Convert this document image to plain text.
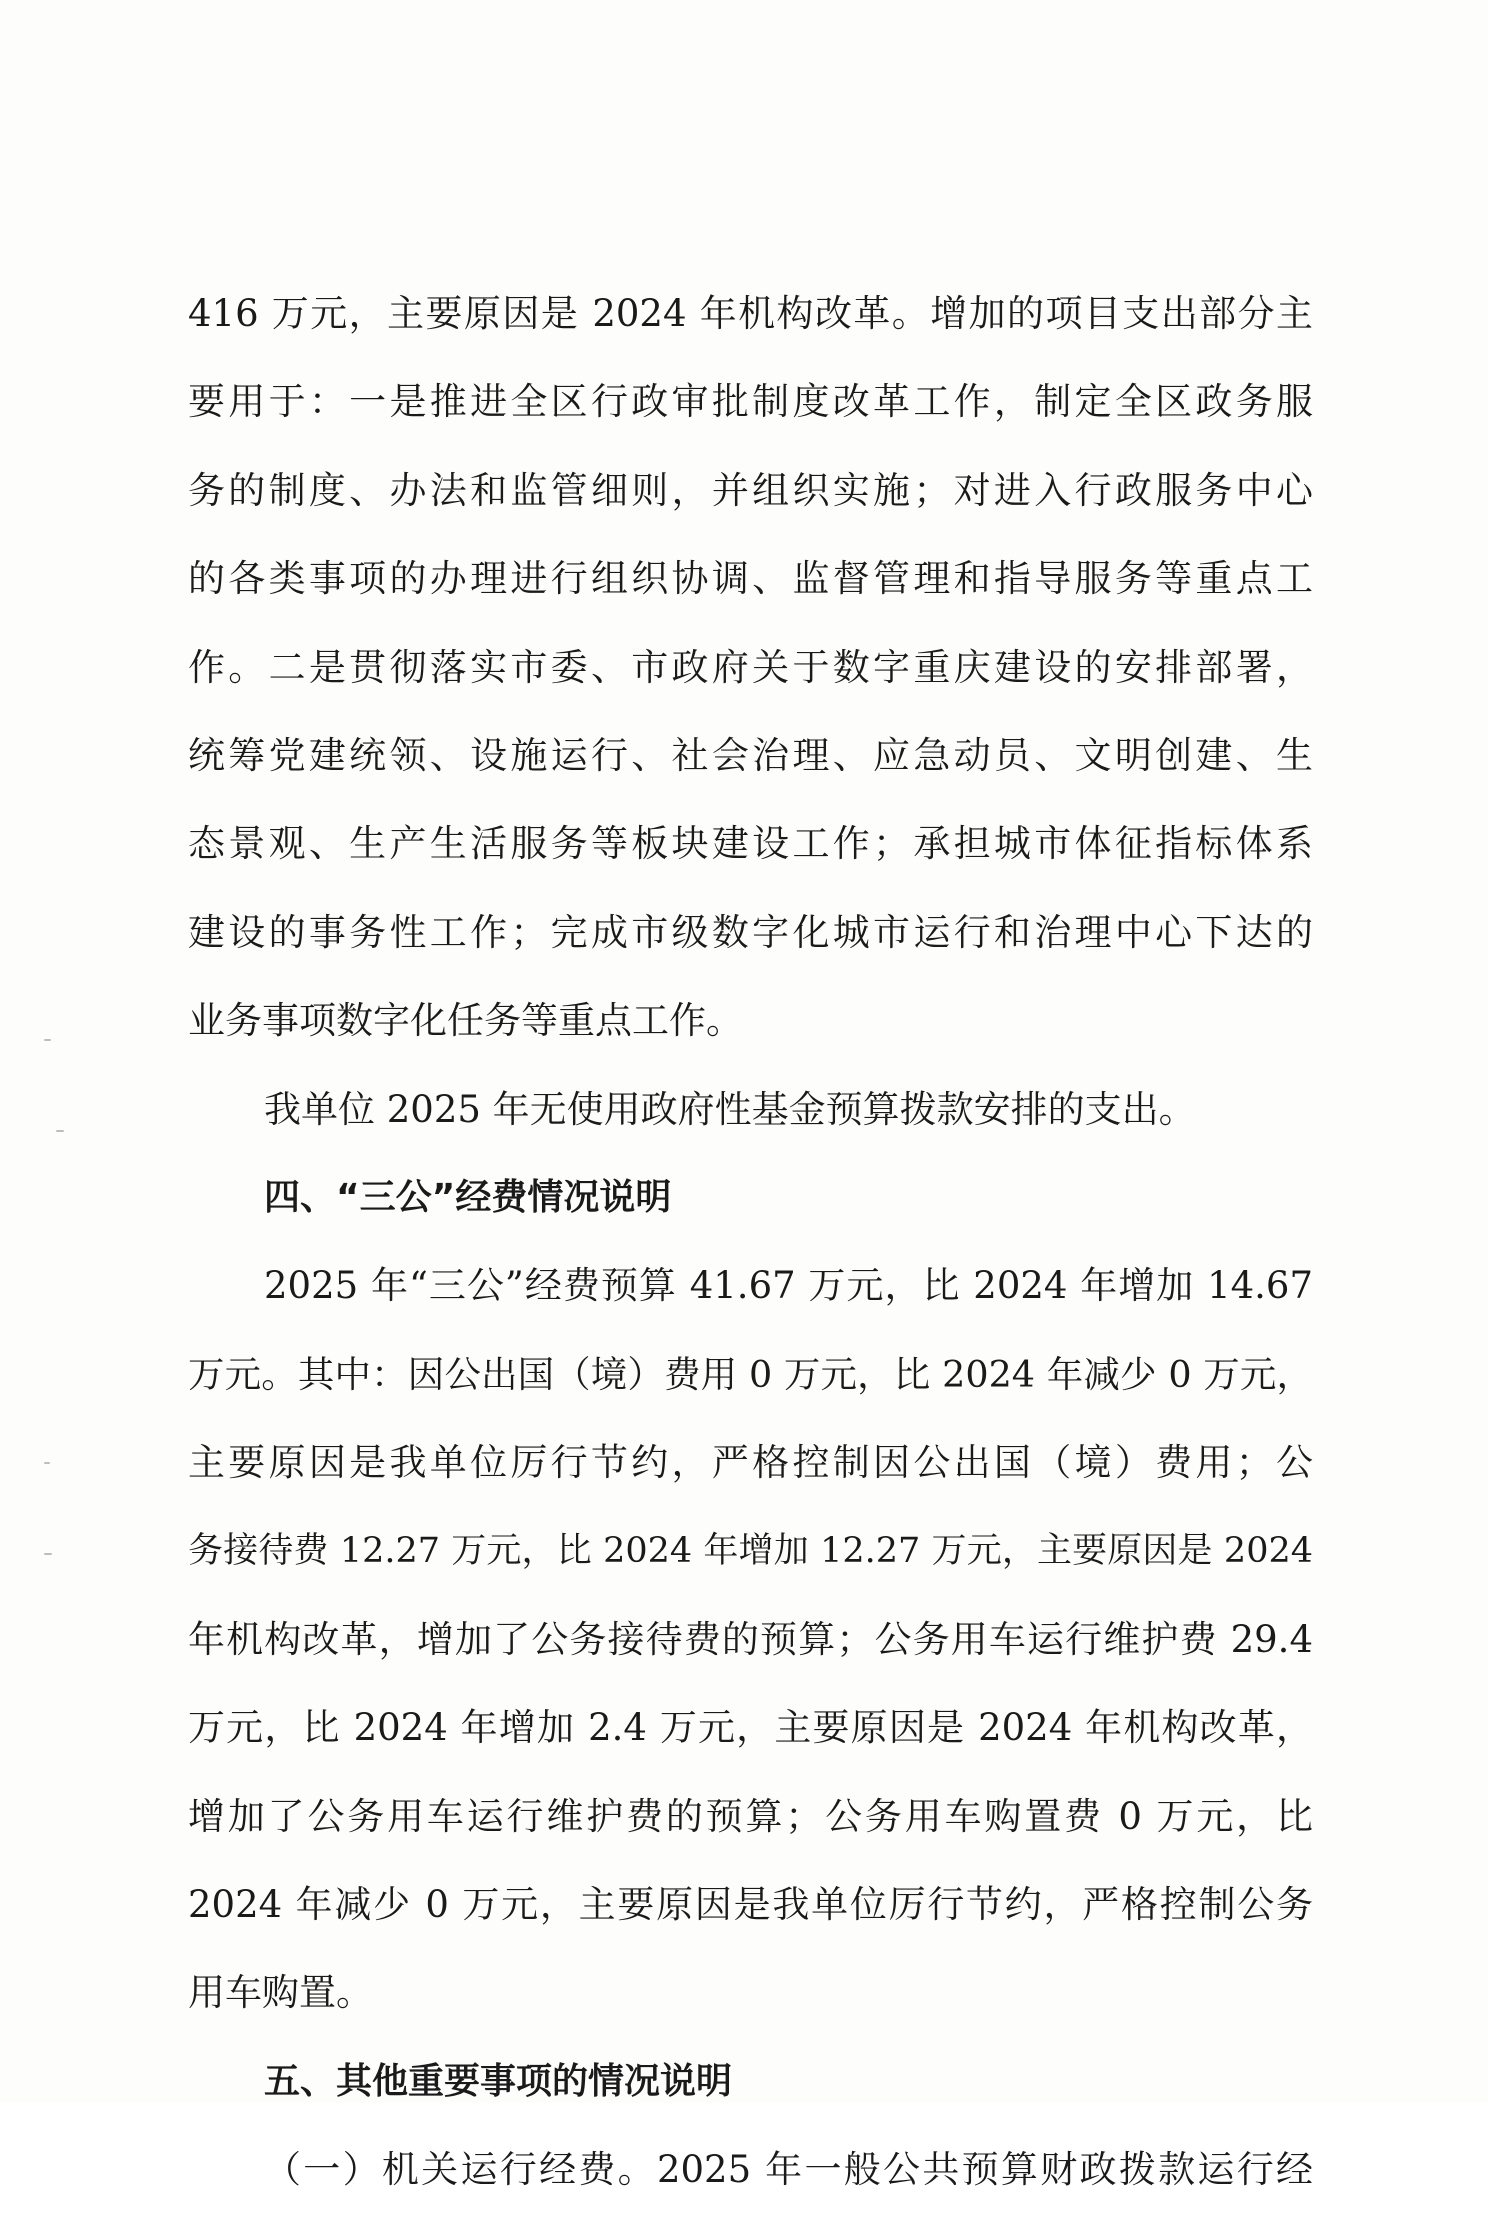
416 万元，主要原因是 2024 年机构改革。增加的项目支出部分主
要用于：一是推进全区行政审批制度改革工作，制定全区政务服
务的制度、办法和监管细则，并组织实施；对进入行政服务中心
的各类事项的办理进行组织协调、监督管理和指导服务等重点工
作。二是贯彻落实市委、市政府关于数字重庆建设的安排部署，
统筹党建统领、设施运行、社会治理、应急动员、文明创建、生
态景观、生产生活服务等板块建设工作；承担城市体征指标体系
建设的事务性工作；完成市级数字化城市运行和治理中心下达的
业务事项数字化任务等重点工作。
我单位 2025 年无使用政府性基金预算拨款安排的支出。
四、“三公”经费情况说明
2025 年“三公”经费预算 41.67 万元，比 2024 年增加 14.67
万元。其中：因公出国（境）费用 0 万元，比 2024 年减少 0 万元，
主要原因是我单位厉行节约，严格控制因公出国（境）费用；公
务接待费 12.27 万元，比 2024 年增加 12.27 万元，主要原因是 2024
年机构改革，增加了公务接待费的预算；公务用车运行维护费 29.4
万元，比 2024 年增加 2.4 万元，主要原因是 2024 年机构改革，
增加了公务用车运行维护费的预算；公务用车购置费 0 万元，比
2024 年减少 0 万元，主要原因是我单位厉行节约，严格控制公务
用车购置。
五、其他重要事项的情况说明
（一）机关运行经费。2025 年一般公共预算财政拨款运行经
